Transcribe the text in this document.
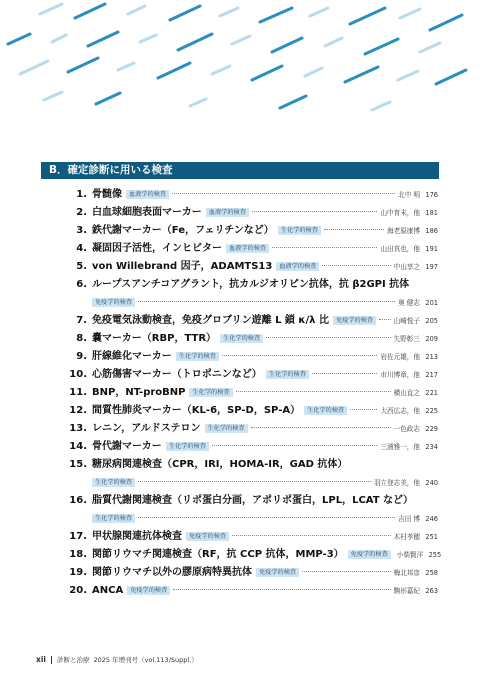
B．確定診断に用いる検査
1. 骨髄像	血液学的検査	北中 明 176
2. 白血球細胞表面マーカー	血液学的検査	山中育未，他 181
3. 鉄代謝マーカー（Fe，フェリチンなど）	生化学的検査	海老原康博 186
4. 凝固因子活性，インヒビター	血液学的検査	山田真也，他 191
5. von Willebrand 因子，ADAMTS13	血液学的検査	中山享之 197
6. ループスアンチコアグラント，抗カルジオリピン抗体，抗 β2GPI 抗体
免疫学的検査	奥 健志 201
7. 免疫電気泳動検査，免疫グロブリン遊離 L 鎖 κ/λ 比	免疫学的検査	山崎悦子 205
8. 嚢マーカー（RBP，TTR）	生化学的検査	矢野彰三 209
9. 肝線維化マーカー	生化学的検査	岩佐元雄，他 213
10. 心筋傷害マーカー（トロポニンなど）	生化学的検査	市川博章，他 217
11. BNP，NT-proBNP	生化学的検査	横山直之 221
12. 間質性肺炎マーカー（KL-6，SP-D，SP-A）	生化学的検査	大西広志，他 225
13. レニン，アルドステロン	生化学的検査	一色政志 229
14. 骨代謝マーカー	生化学的検査	三浦雅一，他 234
15. 糖尿病関連検査（CPR，IRI，HOMA-IR，GAD 抗体）
生化学的検査	羽立登志美，他 240
16. 脂質代謝関連検査（リポ蛋白分画，アポリポ蛋白，LPL，LCAT など）
生化学的検査	吉田 博 246
17. 甲状腺関連抗体検査	免疫学的検査	木村孝穂 251
18. 関節リウマチ関連検査（RF，抗 CCP 抗体，MMP-3）	免疫学的検査	小柴賢洋 255
19. 関節リウマチ以外の膠原病特異抗体	免疫学的検査	梅北邦彦 258
20. ANCA	免疫学的検査	駒形嘉紀 263
xii 診断と治療 2025 年増刊号（vol.113/Suppl.）
